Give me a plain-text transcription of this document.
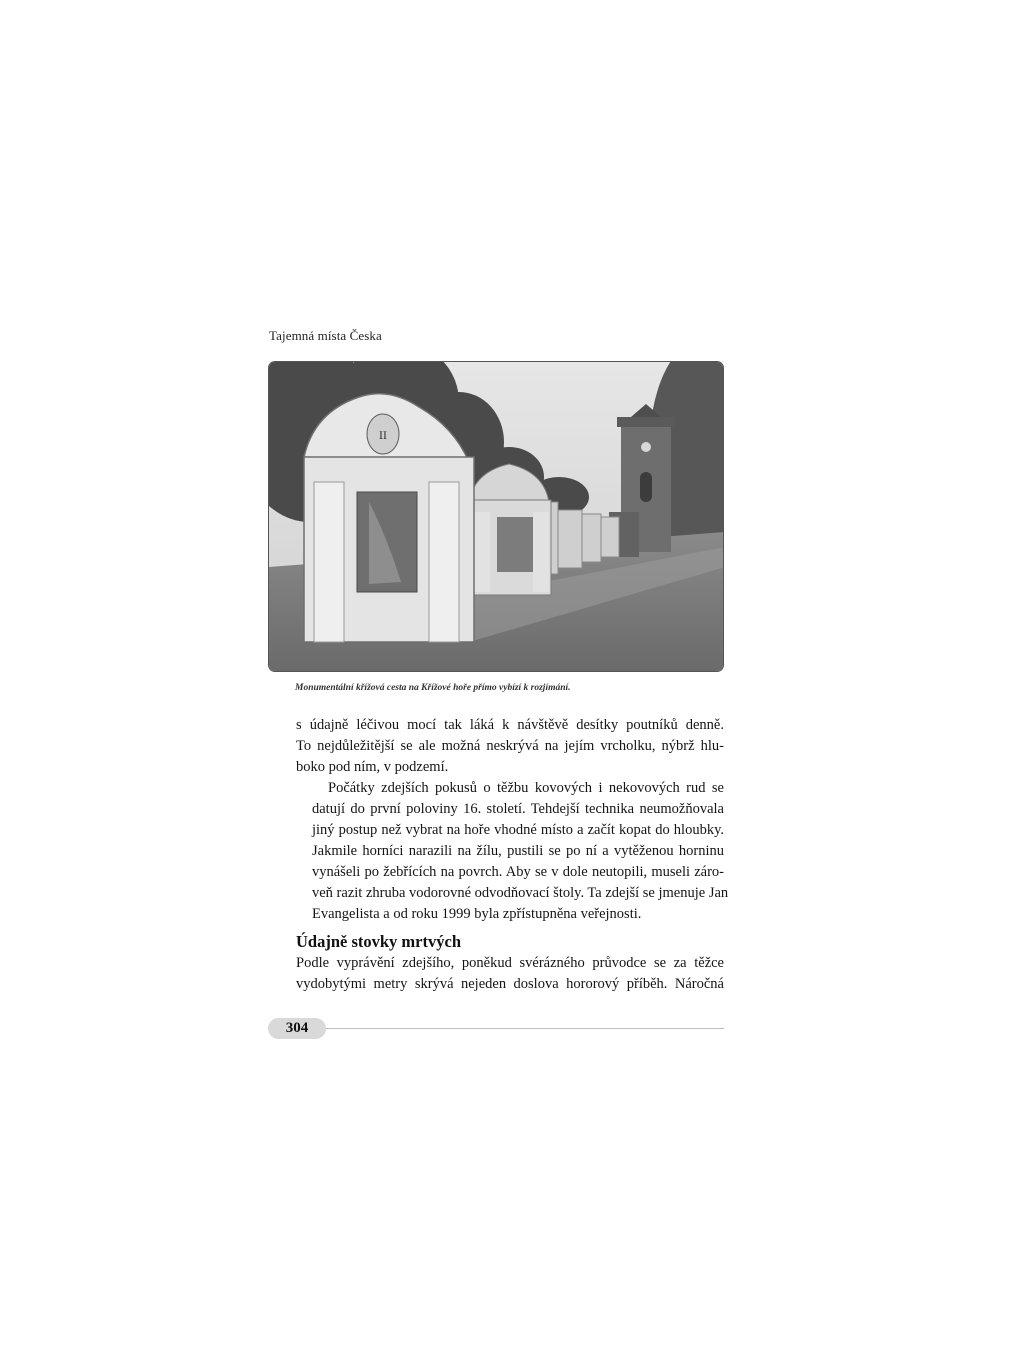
Tajemná místa Česka
II
Monumentální křížová cesta na Křížové hoře přímo vybízí k rozjímání.

s údajně léčivou mocí tak láká k návštěvě desítky poutníků denně.
To nejdůležitější se ale možná neskrývá na jejím vrcholku, nýbrž hlu-
boko pod ním, v podzemí.

Počátky zdejších pokusů o těžbu kovových i nekovových rud se
datují do první poloviny 16. století. Tehdejší technika neumožňovala
jiný postup než vybrat na hoře vhodné místo a začít kopat do hloubky.
Jakmile horníci narazili na žílu, pustili se po ní a vytěženou horninu
vynášeli po žebřících na povrch. Aby se v dole neutopili, museli záro-
veň razit zhruba vodorovné odvodňovací štoly. Ta zdejší se jmenuje Jan
Evangelista a od roku 1999 byla zpřístupněna veřejnosti.

Údajně stovky mrtvých
Podle vyprávění zdejšího, poněkud svérázného průvodce se za těžce
vydobytými metry skrývá nejeden doslova hororový příběh. Náročná
304
